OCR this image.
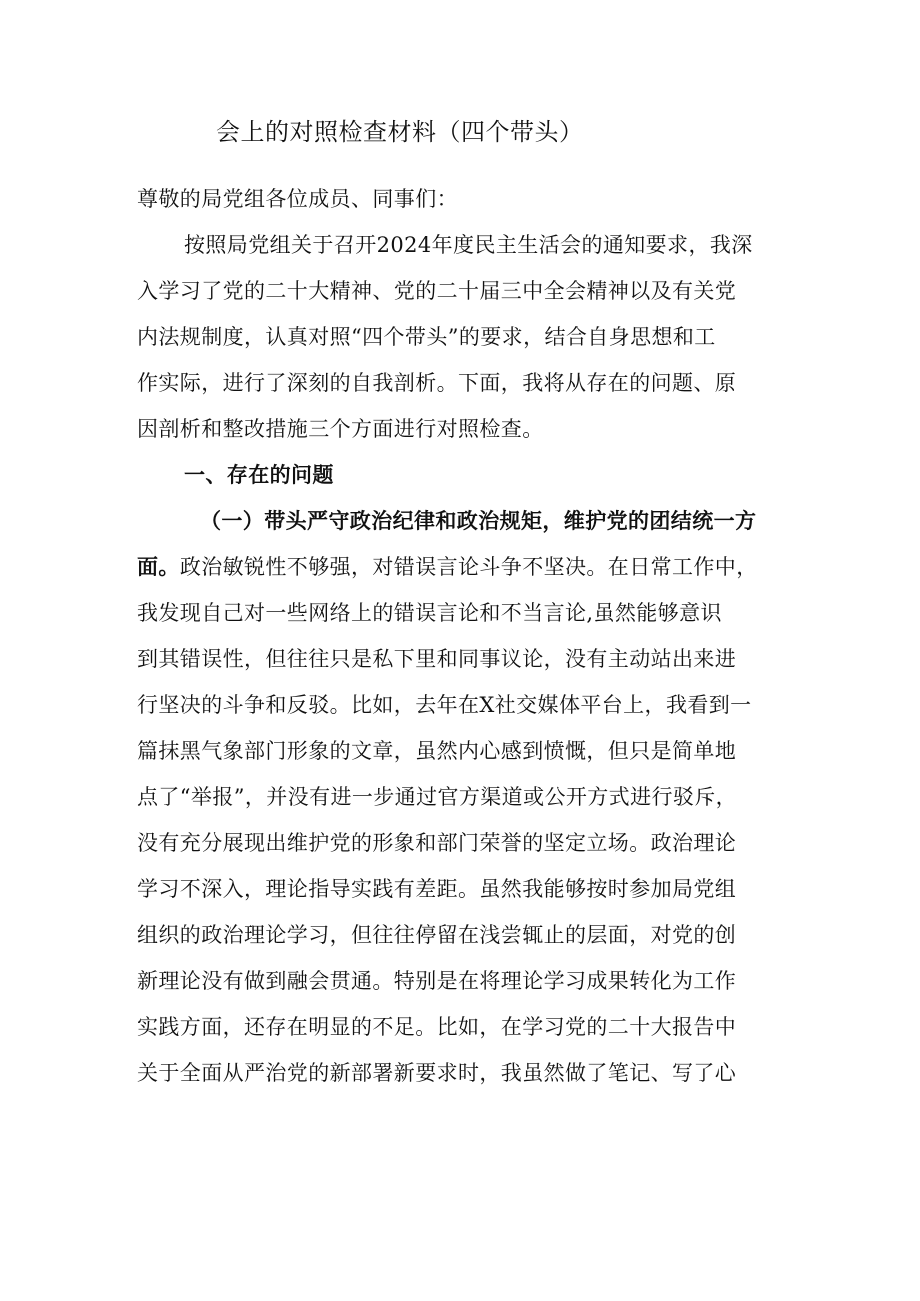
会上的对照检查材料（四个带头）
尊敬的局党组各位成员、同事们：
按照局党组关于召开2024年度民主生活会的通知要求，我深
入学习了党的二十大精神、党的二十届三中全会精神以及有关党
内法规制度，认真对照“四个带头”的要求，结合自身思想和工
作实际，进行了深刻的自我剖析。下面，我将从存在的问题、原
因剖析和整改措施三个方面进行对照检查。
一、存在的问题
（一）带头严守政治纪律和政治规矩，维护党的团结统一方
面。政治敏锐性不够强，对错误言论斗争不坚决。在日常工作中，
我发现自己对一些网络上的错误言论和不当言论,虽然能够意识
到其错误性，但往往只是私下里和同事议论，没有主动站出来进
行坚决的斗争和反驳。比如，去年在X社交媒体平台上，我看到一
篇抹黑气象部门形象的文章，虽然内心感到愤慨，但只是简单地
点了“举报”，并没有进一步通过官方渠道或公开方式进行驳斥，
没有充分展现出维护党的形象和部门荣誉的坚定立场。政治理论
学习不深入，理论指导实践有差距。虽然我能够按时参加局党组
组织的政治理论学习，但往往停留在浅尝辄止的层面，对党的创
新理论没有做到融会贯通。特别是在将理论学习成果转化为工作
实践方面，还存在明显的不足。比如，在学习党的二十大报告中
关于全面从严治党的新部署新要求时，我虽然做了笔记、写了心
